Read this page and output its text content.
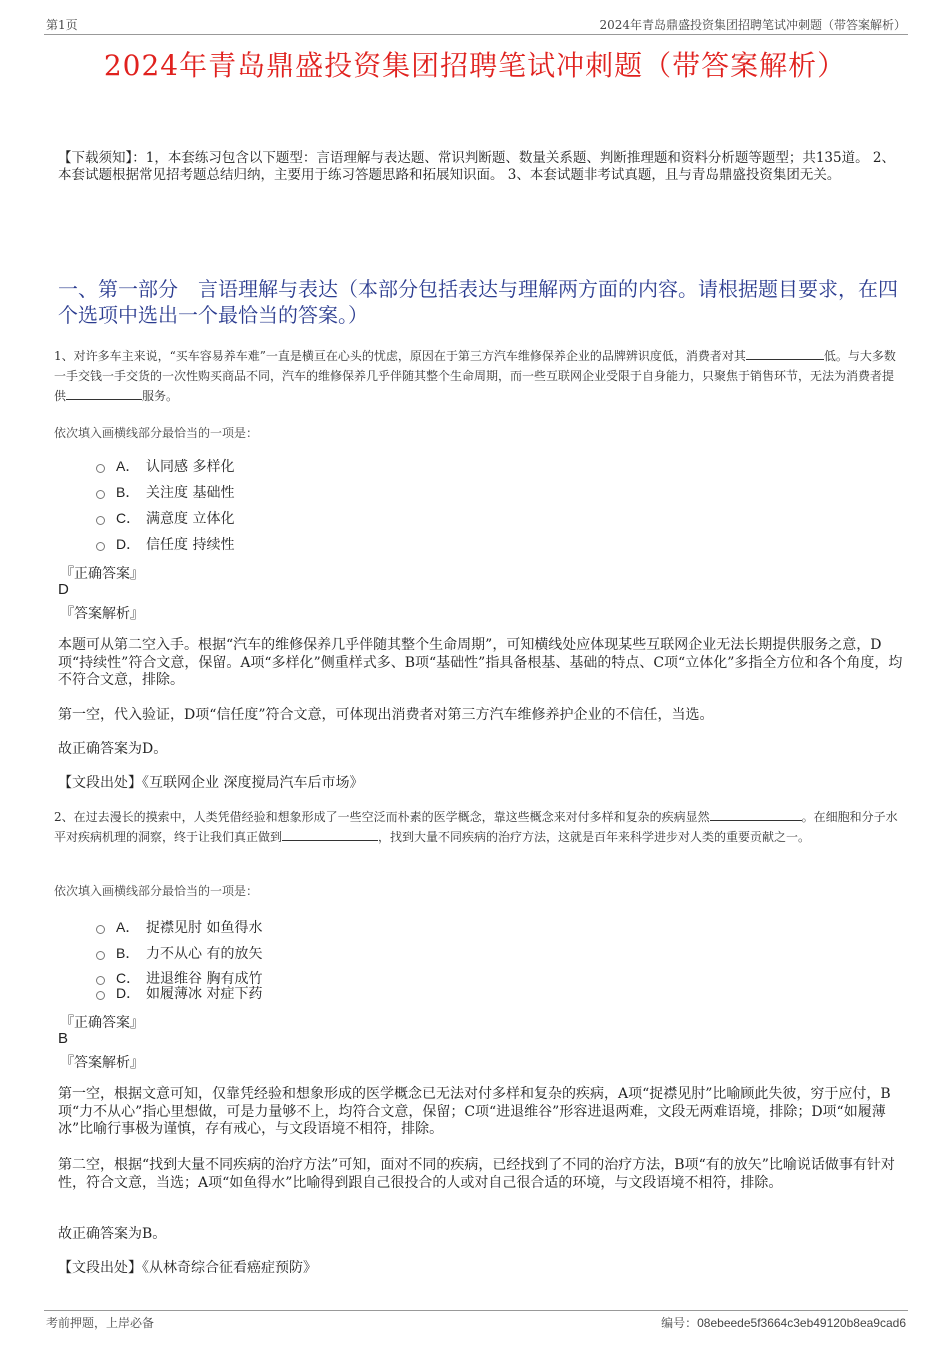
第1页	2024年青岛鼎盛投资集团招聘笔试冲刺题（带答案解析）
2024年青岛鼎盛投资集团招聘笔试冲刺题（带答案解析）
【下载须知】：1，本套练习包含以下题型：言语理解与表达题、常识判断题、数量关系题、判断推理题和资料分析题等题型；共135道。 2、本套试题根据常见招考题总结归纳，主要用于练习答题思路和拓展知识面。 3、本套试题非考试真题，且与青岛鼎盛投资集团无关。
一、第一部分　言语理解与表达（本部分包括表达与理解两方面的内容。请根据题目要求，在四个选项中选出一个最恰当的答案。）
1、对许多车主来说，“买车容易养车难”一直是横亘在心头的忧虑，原因在于第三方汽车维修保养企业的品牌辨识度低，消费者对其	低。与大多数一手交钱一手交货的一次性购买商品不同，汽车的维修保养几乎伴随其整个生命周期，而一些互联网企业受限于自身能力，只聚焦于销售环节，无法为消费者提供	服务。
依次填入画横线部分最恰当的一项是：
A． 认同感 多样化
B． 关注度 基础性
C． 满意度 立体化
D． 信任度 持续性
『正确答案』
D
『答案解析』
本题可从第二空入手。根据“汽车的维修保养几乎伴随其整个生命周期”，可知横线处应体现某些互联网企业无法长期提供服务之意，D项“持续性”符合文意，保留。A项“多样化”侧重样式多、B项“基础性”指具备根基、基础的特点、C项“立体化”多指全方位和各个角度，均不符合文意，排除。
第一空，代入验证，D项“信任度”符合文意，可体现出消费者对第三方汽车维修养护企业的不信任，当选。
故正确答案为D。
【文段出处】《互联网企业 深度搅局汽车后市场》
2、在过去漫长的摸索中，人类凭借经验和想象形成了一些空泛而朴素的医学概念，靠这些概念来对付多样和复杂的疾病显然	。在细胞和分子水平对疾病机理的洞察，终于让我们真正做到	，找到大量不同疾病的治疗方法，这就是百年来科学进步对人类的重要贡献之一。
依次填入画横线部分最恰当的一项是：
A． 捉襟见肘 如鱼得水
B． 力不从心 有的放矢
C． 进退维谷 胸有成竹
D． 如履薄冰 对症下药
『正确答案』
B
『答案解析』
第一空，根据文意可知，仅靠凭经验和想象形成的医学概念已无法对付多样和复杂的疾病，A项“捉襟见肘”比喻顾此失彼，穷于应付，B项“力不从心”指心里想做，可是力量够不上，均符合文意，保留；C项“进退维谷”形容进退两难，文段无两难语境，排除；D项“如履薄冰”比喻行事极为谨慎，存有戒心，与文段语境不相符，排除。
第二空，根据“找到大量不同疾病的治疗方法”可知，面对不同的疾病，已经找到了不同的治疗方法，B项“有的放矢”比喻说话做事有针对性，符合文意，当选；A项“如鱼得水”比喻得到跟自己很投合的人或对自己很合适的环境，与文段语境不相符，排除。
故正确答案为B。
【文段出处】《从林奇综合征看癌症预防》
考前押题，上岸必备	编号：08ebeede5f3664c3eb49120b8ea9cad6
